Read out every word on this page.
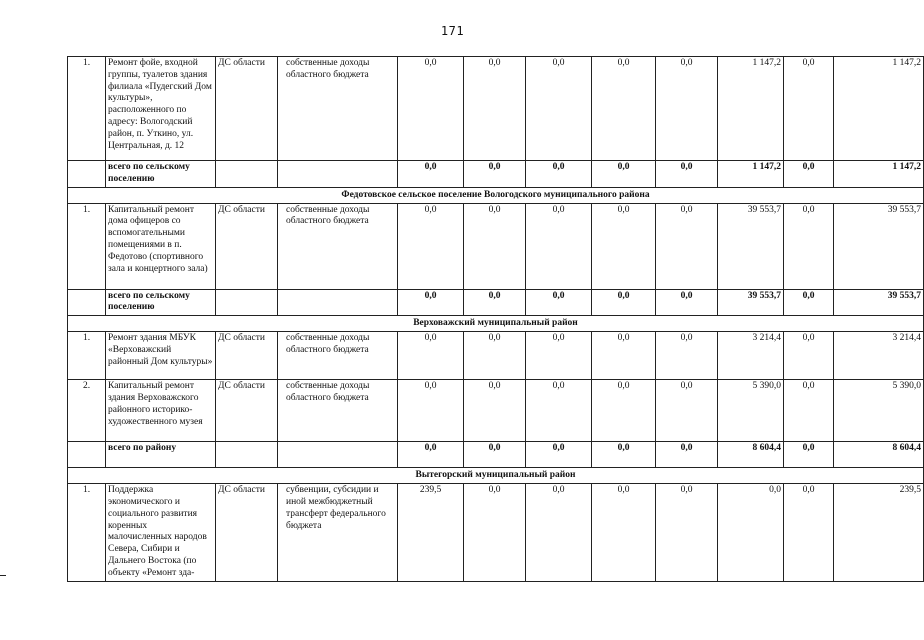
171
1.	Ремонт фойе, входной группы, туалетов здания филиала «Пудегский Дом культуры», расположенного по адресу: Вологодский район, п. Уткино, ул. Центральная, д. 12	ДС области	собственные доходы областного бюджета	0,0	0,0	0,0	0,0	0,0	1 147,2	0,0	1 147,2
	всего по сельскому поселению			0,0	0,0	0,0	0,0	0,0	1 147,2	0,0	1 147,2
Федотовское сельское поселение Вологодского муниципального района											
1.	Капитальный ремонт дома офицеров со вспомогательными помещениями в п. Федотово (спортивного зала и концертного зала)	ДС области	собственные доходы областного бюджета	0,0	0,0	0,0	0,0	0,0	39 553,7	0,0	39 553,7
	всего по сельскому поселению			0,0	0,0	0,0	0,0	0,0	39 553,7	0,0	39 553,7
Верховажский муниципальный район											
1.	Ремонт здания МБУК «Верховажский районный Дом культуры»	ДС области	собственные доходы областного бюджета	0,0	0,0	0,0	0,0	0,0	3 214,4	0,0	3 214,4
2.	Капитальный ремонт здания Верховажского районного историко-художественного музея	ДС области	собственные доходы областного бюджета	0,0	0,0	0,0	0,0	0,0	5 390,0	0,0	5 390,0
	всего по району			0,0	0,0	0,0	0,0	0,0	8 604,4	0,0	8 604,4
Вытегорский муниципальный район											
1.	Поддержка экономического и социального развития коренных малочисленных народов Севера, Сибири и Дальнего Востока (по объекту «Ремонт зда-	ДС области	субвенции, субсидии и иной межбюджетный трансферт федерального бюджета	239,5	0,0	0,0	0,0	0,0	0,0	0,0	239,5
